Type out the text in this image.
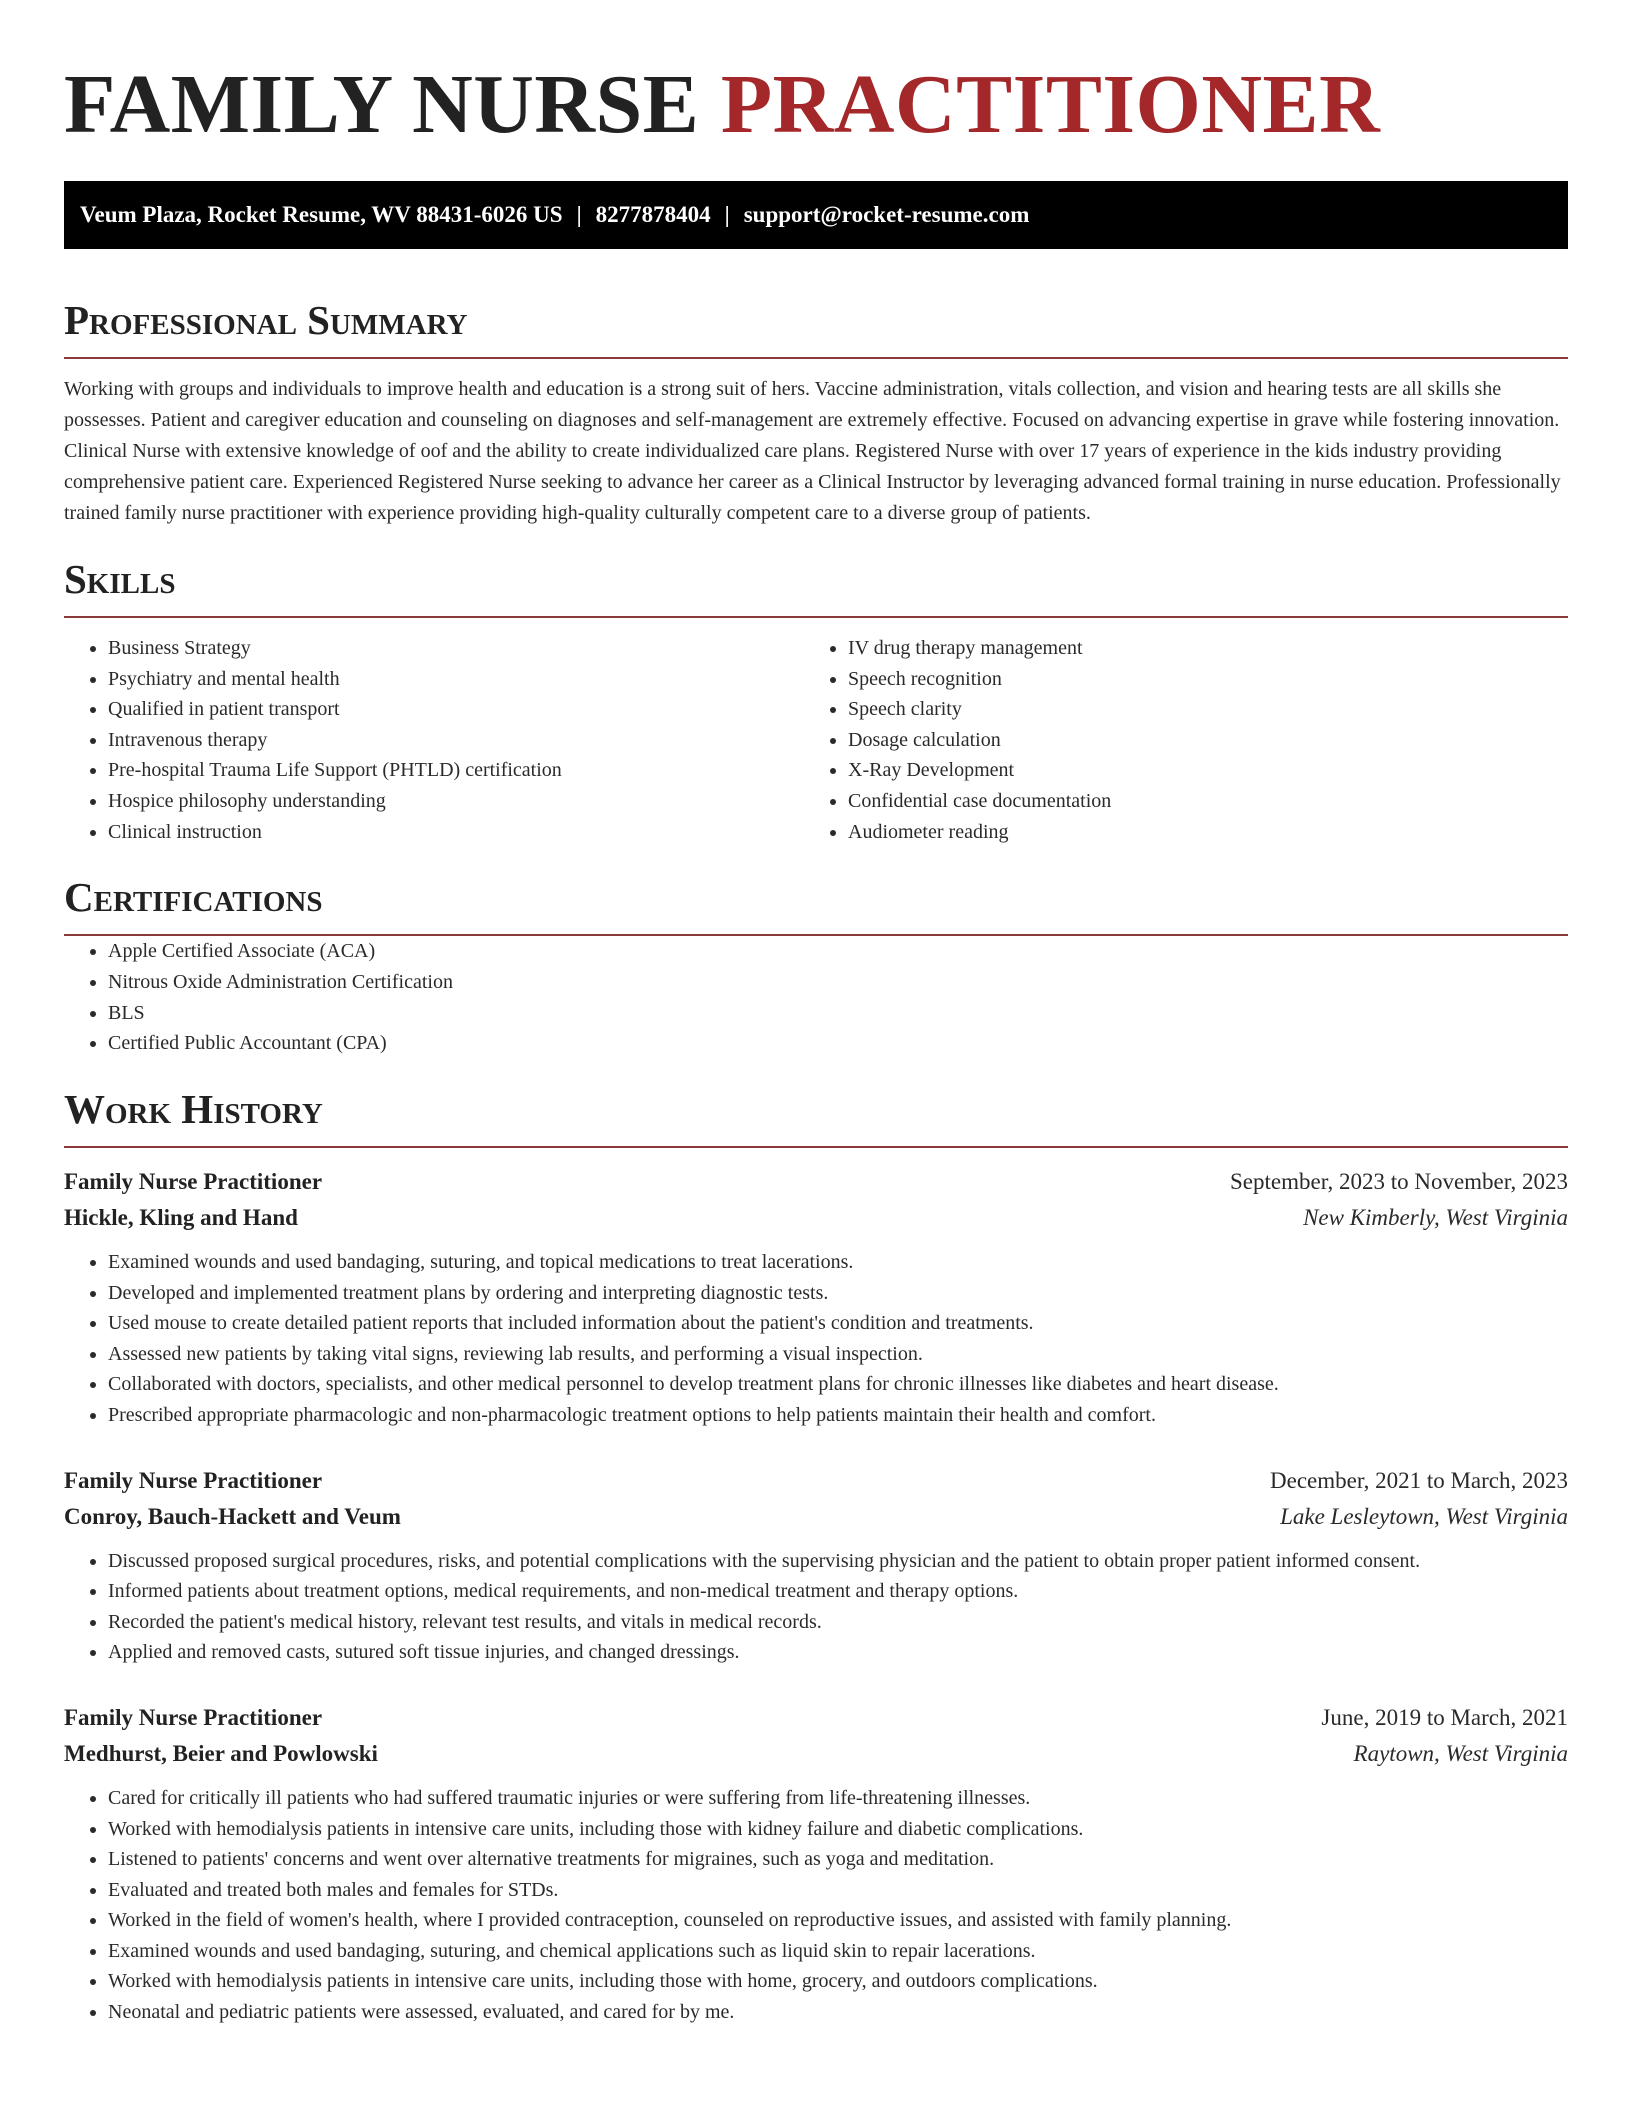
FAMILY NURSE PRACTITIONER
Veum Plaza, Rocket Resume, WV 88431-6026 US | 8277878404 | support@rocket-resume.com
Professional Summary

Working with groups and individuals to improve health and education is a strong suit of hers. Vaccine administration, vitals collection, and vision and hearing tests are all skills she possesses. Patient and caregiver education and counseling on diagnoses and self-management are extremely effective. Focused on advancing expertise in grave while fostering innovation. Clinical Nurse with extensive knowledge of oof and the ability to create individualized care plans. Registered Nurse with over 17 years of experience in the kids industry providing comprehensive patient care. Experienced Registered Nurse seeking to advance her career as a Clinical Instructor by leveraging advanced formal training in nurse education. Professionally trained family nurse practitioner with experience providing high-quality culturally competent care to a diverse group of patients.

Skills
• Business Strategy
• Psychiatry and mental health
• Qualified in patient transport
• Intravenous therapy
• Pre-hospital Trauma Life Support (PHTLD) certification
• Hospice philosophy understanding
• Clinical instruction
• IV drug therapy management
• Speech recognition
• Speech clarity
• Dosage calculation
• X-Ray Development
• Confidential case documentation
• Audiometer reading
Certifications
• Apple Certified Associate (ACA)
• Nitrous Oxide Administration Certification
• BLS
• Certified Public Accountant (CPA)
Work History
Family Nurse Practitioner	September, 2023 to November, 2023
Hickle, Kling and Hand	New Kimberly, West Virginia
• Examined wounds and used bandaging, suturing, and topical medications to treat lacerations.
• Developed and implemented treatment plans by ordering and interpreting diagnostic tests.
• Used mouse to create detailed patient reports that included information about the patient's condition and treatments.
• Assessed new patients by taking vital signs, reviewing lab results, and performing a visual inspection.
• Collaborated with doctors, specialists, and other medical personnel to develop treatment plans for chronic illnesses like diabetes and heart disease.
• Prescribed appropriate pharmacologic and non-pharmacologic treatment options to help patients maintain their health and comfort.
Family Nurse Practitioner	December, 2021 to March, 2023
Conroy, Bauch-Hackett and Veum	Lake Lesleytown, West Virginia
• Discussed proposed surgical procedures, risks, and potential complications with the supervising physician and the patient to obtain proper patient informed consent.
• Informed patients about treatment options, medical requirements, and non-medical treatment and therapy options.
• Recorded the patient's medical history, relevant test results, and vitals in medical records.
• Applied and removed casts, sutured soft tissue injuries, and changed dressings.
Family Nurse Practitioner	June, 2019 to March, 2021
Medhurst, Beier and Powlowski	Raytown, West Virginia
• Cared for critically ill patients who had suffered traumatic injuries or were suffering from life-threatening illnesses.
• Worked with hemodialysis patients in intensive care units, including those with kidney failure and diabetic complications.
• Listened to patients' concerns and went over alternative treatments for migraines, such as yoga and meditation.
• Evaluated and treated both males and females for STDs.
• Worked in the field of women's health, where I provided contraception, counseled on reproductive issues, and assisted with family planning.
• Examined wounds and used bandaging, suturing, and chemical applications such as liquid skin to repair lacerations.
• Worked with hemodialysis patients in intensive care units, including those with home, grocery, and outdoors complications.
• Neonatal and pediatric patients were assessed, evaluated, and cared for by me.
